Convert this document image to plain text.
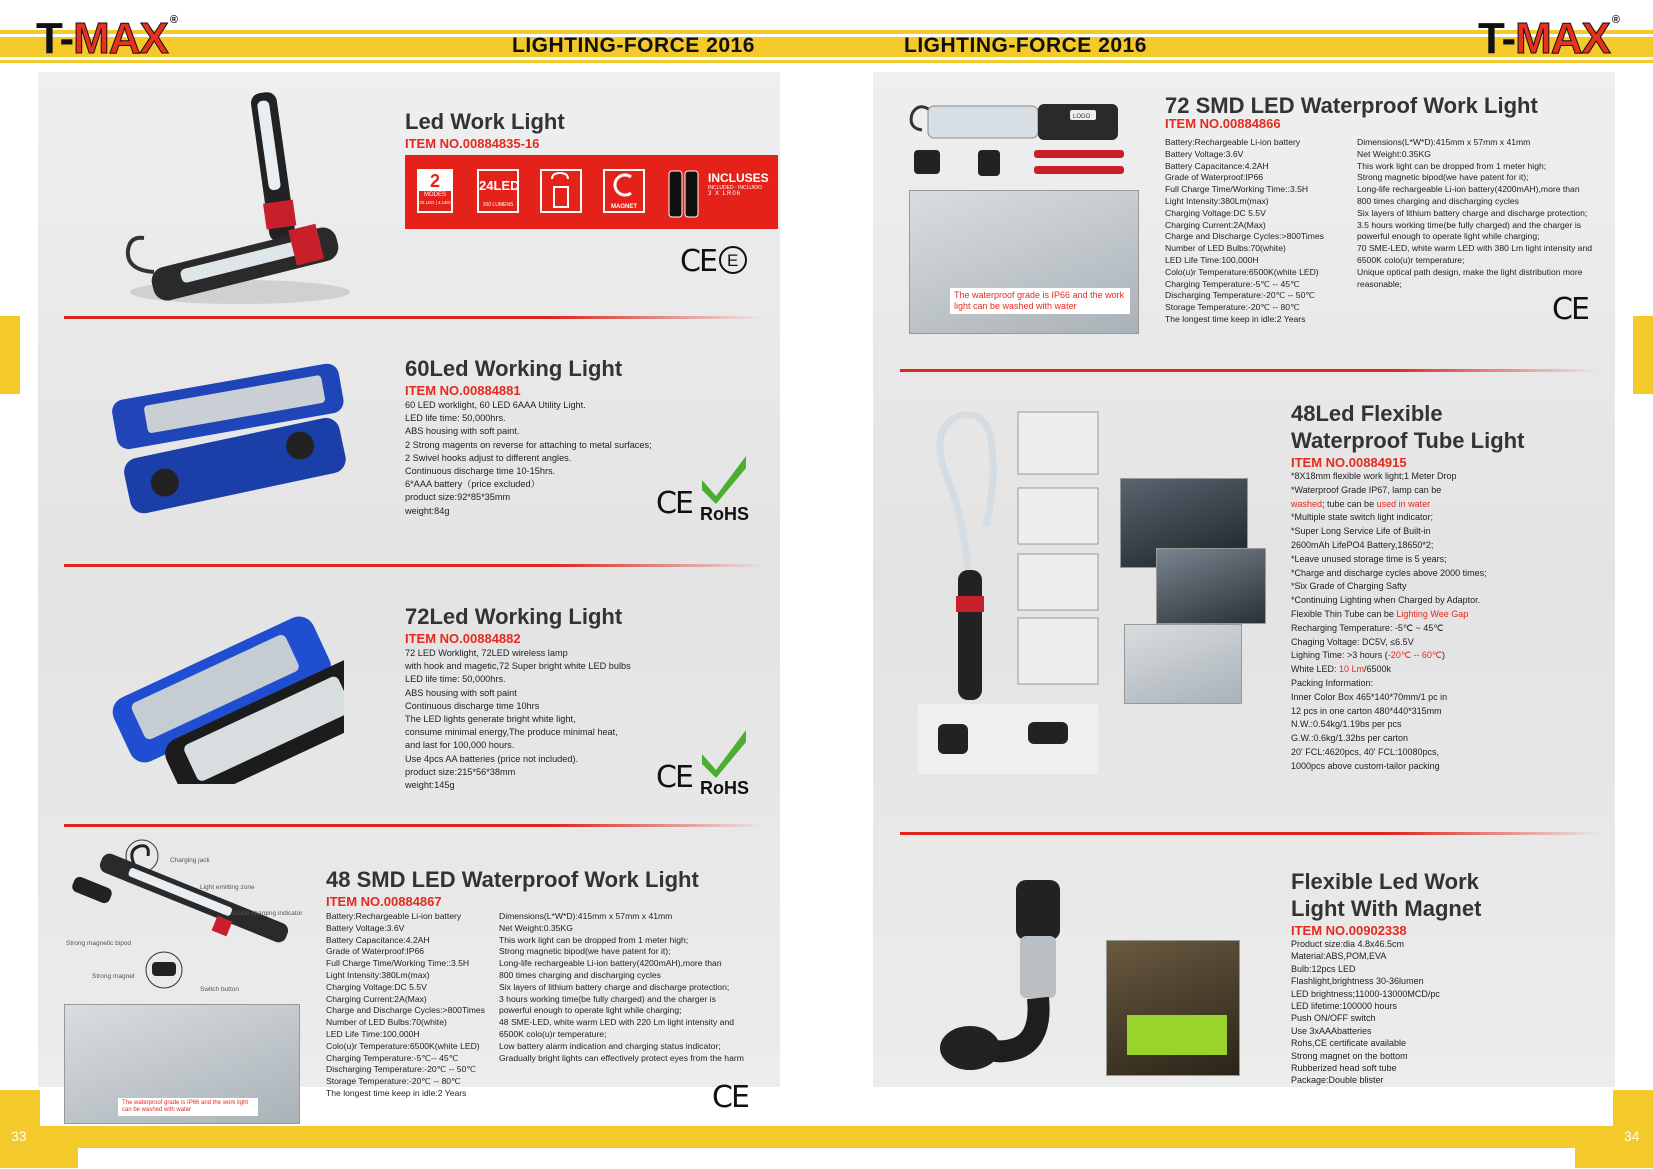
T-MAX ®	T-MAX ®
LIGHTING-FORCE 2016	LIGHTING-FORCE 2016
33	34
Led Work Light
ITEM NO.00884835-16
2
MODES
20 LED | 4 LED
24LED
100 LUMENS	MAGNET
INCLUSES
INCLUDED - INCLUIDO
3 X LR06
CE E
60Led Working Light
ITEM NO.00884881
60 LED worklight, 60 LED 6AAA Utility Light.
LED life time: 50,000hrs.
ABS housing with soft paint.
2 Strong magents on reverse for attaching to metal surfaces;
2 Swivel hooks adjust to different angles.
Continuous discharge time 10-15hrs.
6*AAA battery（price excluded）
product size:92*85*35mm
weight:84g	CE RoHS
72Led Working Light
ITEM NO.00884882
72 LED Worklight, 72LED wireless lamp
with hook and magetic,72 Super bright white LED bulbs
LED life time: 50,000hrs.
ABS housing with soft paint
Continuous discharge time 10hrs
The LED lights generate bright white light,
consume minimal energy,The produce minimal heat,
and last for 100,000 hours.
Use 4pcs AA batteries (price not included).
product size:215*56*38mm
weight:145g	CE RoHS
Charging jack
Light emitting zone
Inside charging indicator
Strong magnetic bipod
Strong magnet
Switch button
The waterproof grade is IP66 and the work light can be washed with water
48 SMD LED Waterproof Work Light
ITEM NO.00884867
Battery:Rechargeable Li-ion battery
Battery Voltage:3.6V
Battery Capacitance:4.2AH
Grade of Waterproof:IP66
Full Charge Time/Working Time::3.5H
Light Intensity:380Lm(max)
Charging Voltage:DC 5.5V
Charging Current:2A(Max)
Charge and Discharge Cycles:>800Times
Number of LED Bulbs:70(white)
LED Life Time:100,000H
Colo(u)r Temperature:6500K(white LED)
Charging Temperature:-5℃-- 45℃
Discharging Temperature:-20℃ -- 50℃
Storage Temperature:-20℃ -- 80℃
The longest time keep in idle:2 Years
Dimensions(L*W*D):415mm x 57mm x 41mm
Net Weight:0.35KG
This work light can be dropped from 1 meter high;
Strong magnetic bipod(we have patent for it);
Long-life rechargeable Li-ion battery(4200mAH),more than
800 times charging and discharging cycles
Six layers of lithium battery charge and discharge protection;
3 hours working time(be fully charged) and the charger is
powerful enough to operate light while charging;
48 SME-LED, white warm LED with 220 Lm light intensity and
6500K colo(u)r temperature;
Low battery alarm indication and charging status indicator;
Gradually bright lights can effectively protect eyes from the harm
CE
LOGO
The waterproof grade is IP66 and the work light can be washed with water
72 SMD LED Waterproof Work Light
ITEM NO.00884866
Battery:Rechargeable Li-ion battery
Battery Voltage:3.6V
Battery Capacitance:4.2AH
Grade of Waterproof:IP66
Full Charge Time/Working Time::3.5H
Light Intensity:380Lm(max)
Charging Voltage:DC 5.5V
Charging Current:2A(Max)
Charge and Discharge Cycles:>800Times
Number of LED Bulbs:70(white)
LED Life Time:100,000H
Colo(u)r Temperature:6500K(white LED)
Charging Temperature:-5℃ -- 45℃
Discharging Temperature:-20℃ -- 50℃
Storage Temperature:-20℃ -- 80℃
The longest time keep in idle:2 Years
Dimensions(L*W*D):415mm x 57mm x 41mm
Net Weight:0.35KG
This work light can be dropped from 1 meter high;
Strong magnetic bipod(we have patent for it);
Long-life rechargeable Li-ion battery(4200mAH),more than
800 times charging and discharging cycles
Six layers of lithium battery charge and discharge protection;
3.5 hours working time(be fully charged) and the charger is
powerful enough to operate light while charging;
70 SME-LED, white warm LED with 380 Lm light intensity and
6500K colo(u)r temperature;
Unique optical path design, make the light distribution more
reasonable;
CE
48Led Flexible
Waterproof Tube Light
ITEM NO.00884915
*8X18mm flexible work light;1 Meter Drop
*Waterproof Grade IP67, lamp can be
washed; tube can be used in water
*Multiple state switch light indicator;
*Super Long Service Life of Built-in
2600mAh LifePO4 Battery,18650*2;
*Leave unused storage time is 5 years;
*Charge and discharge cycles above 2000 times;
*Six Grade of Charging Safty
*Continuing Lighting when Charged by Adaptor.
Flexible Thin Tube can be Lighting Wee Gap
Recharging Temperature: -5℃ ~ 45℃
Chaging Voltage: DC5V, ≤6.5V
Lighing Time: >3 hours (-20℃ -- 60℃)
White LED: 10 Lm/6500k
Packing Information:
Inner Color Box 465*140*70mm/1 pc in
12 pcs in one carton 480*440*315mm
N.W.:0.54kg/1.19bs per pcs
G.W.:0.6kg/1.32bs per carton
20' FCL:4620pcs, 40' FCL:10080pcs,
1000pcs above custom-tailor packing
Flexible Led Work
Light With Magnet
ITEM NO.00902338
Product size:dia 4.8x46.5cm
Material:ABS,POM,EVA
Bulb:12pcs LED
Flashlight,brightness 30-36lumen
LED brightness;11000-13000MCD/pc
LED lifetime:100000 hours
Push ON/OFF switch
Use 3xAAAbatteries
Rohs,CE certificate available
Strong magnet on the bottom
Rubberized head soft tube
Package:Double blister
